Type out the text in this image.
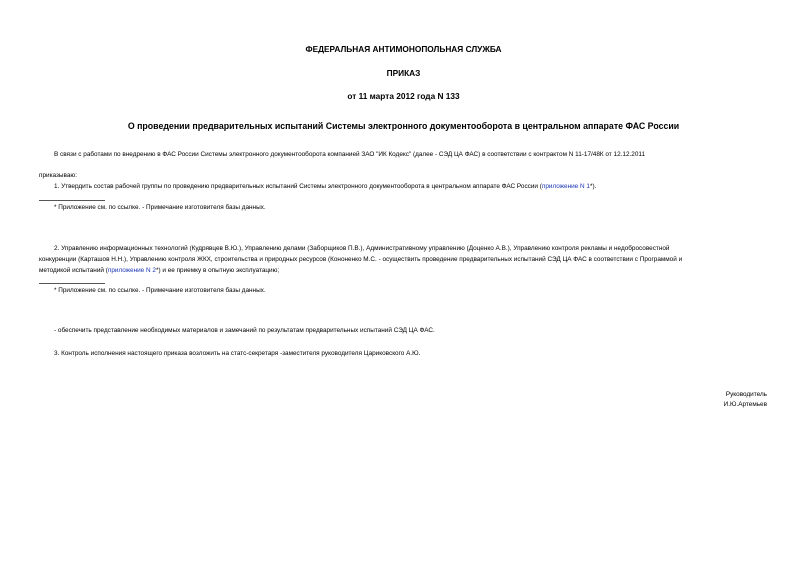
ФЕДЕРАЛЬНАЯ АНТИМОНОПОЛЬНАЯ СЛУЖБА
ПРИКАЗ
от 11 марта 2012 года N 133
О проведении предварительных испытаний Системы электронного документооборота в центральном аппарате ФАС России
В связи с работами по внедрению в ФАС России Системы электронного документооборота компанией ЗАО "ИК Кодекс" (далее - СЭД ЦА ФАС) в соответствии с контрактом N 11-17/48К от 12.12.2011
приказываю:
1. Утвердить состав рабочей группы по проведению предварительных испытаний Системы электронного документооборота в центральном аппарате ФАС России (приложение N 1*).
* Приложение см. по ссылке. - Примечание изготовителя базы данных.
2. Управлению информационных технологий (Кудрявцев В.Ю.), Управлению делами (Заборщиков П.В.), Административному управлению (Доценко А.В.), Управлению контроля рекламы и недобросовестной
конкуренции (Карташов Н.Н.), Управлению контроля ЖКХ, строительства и природных ресурсов (Кононенко М.С. - осуществить проведение предварительных испытаний СЭД ЦА ФАС в соответствии с Программой и
методикой испытаний (приложение N 2*) и ее приемку в опытную эксплуатацию;
* Приложение см. по ссылке. - Примечание изготовителя базы данных.
- обеспечить представление необходимых материалов и замечаний по результатам предварительных испытаний СЭД ЦА ФАС.
3. Контроль исполнения настоящего приказа возложить на статс-секретаря -заместителя руководителя Цариковского А.Ю.
Руководитель
И.Ю.Артемьев
